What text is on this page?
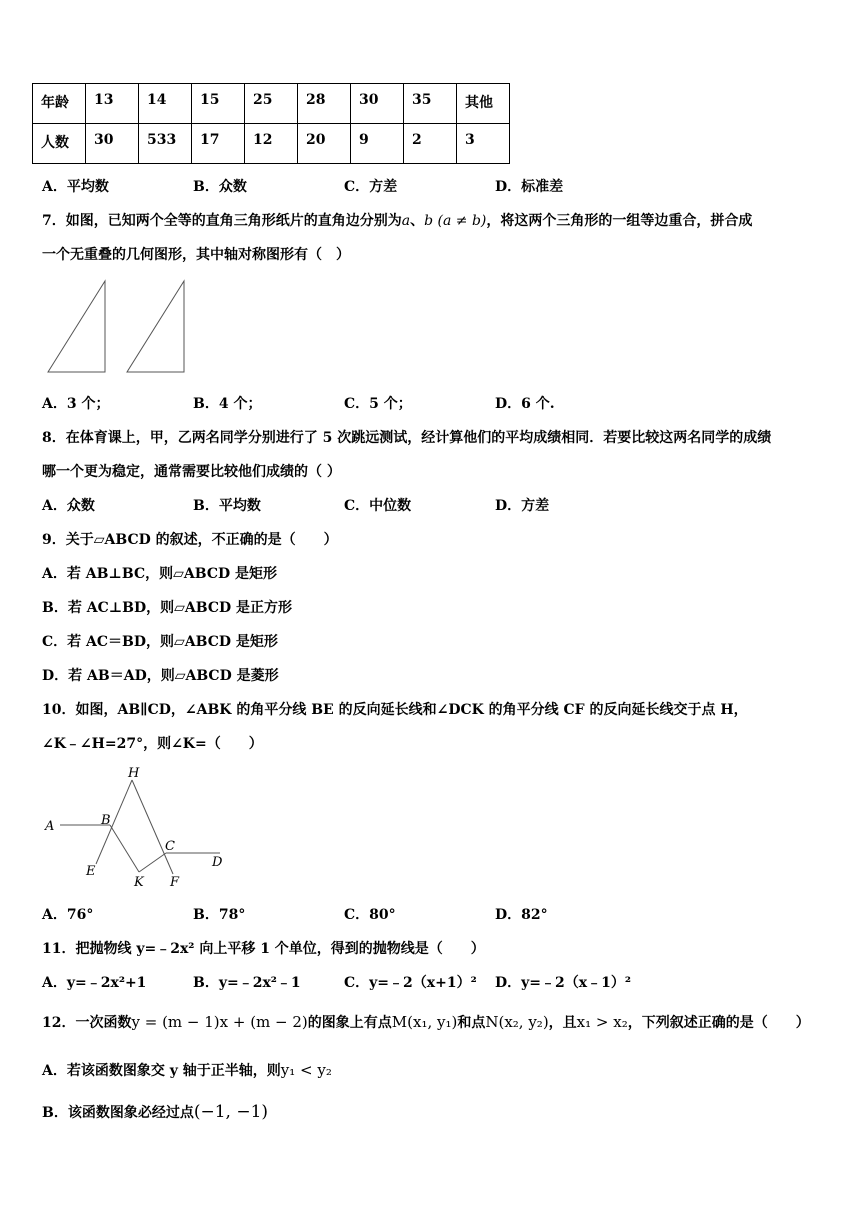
年龄	13	14	15	25	28	30	35	其他
人数	30	533	17	12	20	9	2	3
A．平均数	B．众数	C．方差	D．标准差
7．如图，已知两个全等的直角三角形纸片的直角边分别为a、b (a ≠ b)，将这两个三角形的一组等边重合，拼合成
一个无重叠的几何图形，其中轴对称图形有（　）
A．3 个；	B．4 个；	C．5 个；	D．6 个.
8．在体育课上，甲，乙两名同学分别进行了 5 次跳远测试，经计算他们的平均成绩相同．若要比较这两名同学的成绩
哪一个更为稳定，通常需要比较他们成绩的（ ）
A．众数	B．平均数	C．中位数	D．方差
9．关于▱ABCD 的叙述，不正确的是（　　）
A．若 AB⊥BC，则▱ABCD 是矩形
B．若 AC⊥BD，则▱ABCD 是正方形
C．若 AC＝BD，则▱ABCD 是矩形
D．若 AB＝AD，则▱ABCD 是菱形
10．如图，AB∥CD，∠ABK 的角平分线 BE 的反向延长线和∠DCK 的角平分线 CF 的反向延长线交于点 H，
∠K﹣∠H=27°，则∠K=（　　）
H
A	B
C
D
E
K F
A．76°	B．78°	C．80°	D．82°
11．把抛物线 y=﹣2x² 向上平移 1 个单位，得到的抛物线是（　　）
A．y=﹣2x²+1	B．y=﹣2x²﹣1	C．y=﹣2（x+1）² D．y=﹣2（x﹣1）²
12．一次函数y = (m − 1)x + (m − 2)的图象上有点M(x₁, y₁)和点N(x₂, y₂)，且x₁ > x₂，下列叙述正确的是（　　）
A．若该函数图象交 y 轴于正半轴，则y₁ < y₂
B．该函数图象必经过点(−1, −1)
